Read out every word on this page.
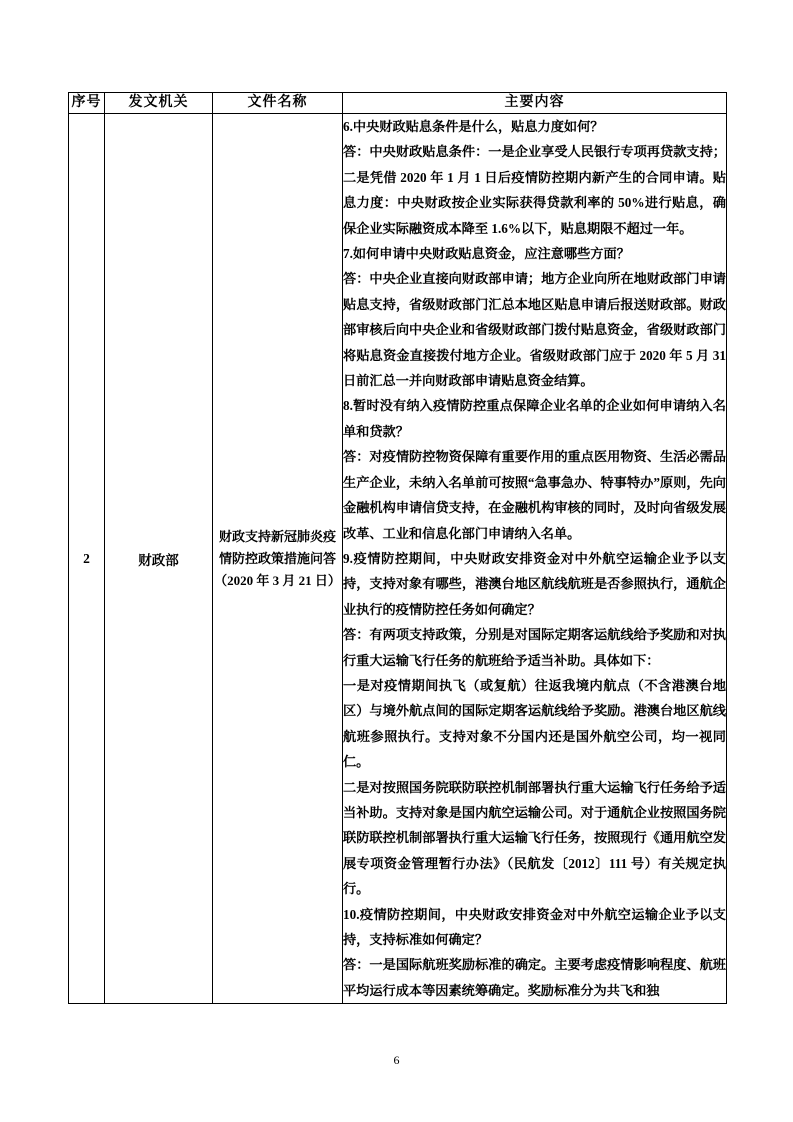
序号	发文机关	文件名称	主要内容
2	财政部	财政支持新冠肺炎疫情防控政策措施问答（2020 年 3 月 21 日）	

6.中央财政贴息条件是什么，贴息力度如何？

答：中央财政贴息条件：一是企业享受人民银行专项再贷款支持；二是凭借 2020 年 1 月 1 日后疫情防控期内新产生的合同申请。贴息力度：中央财政按企业实际获得贷款利率的 50%进行贴息，确保企业实际融资成本降至 1.6%以下，贴息期限不超过一年。

7.如何申请中央财政贴息资金，应注意哪些方面？

答：中央企业直接向财政部申请；地方企业向所在地财政部门申请贴息支持，省级财政部门汇总本地区贴息申请后报送财政部。财政部审核后向中央企业和省级财政部门拨付贴息资金，省级财政部门将贴息资金直接拨付地方企业。省级财政部门应于 2020 年 5 月 31 日前汇总一并向财政部申请贴息资金结算。

8.暂时没有纳入疫情防控重点保障企业名单的企业如何申请纳入名单和贷款？

答：对疫情防控物资保障有重要作用的重点医用物资、生活必需品生产企业，未纳入名单前可按照“急事急办、特事特办”原则，先向金融机构申请信贷支持，在金融机构审核的同时，及时向省级发展改革、工业和信息化部门申请纳入名单。

9.疫情防控期间，中央财政安排资金对中外航空运输企业予以支持，支持对象有哪些，港澳台地区航线航班是否参照执行，通航企业执行的疫情防控任务如何确定？

答：有两项支持政策，分别是对国际定期客运航线给予奖励和对执行重大运输飞行任务的航班给予适当补助。具体如下：

一是对疫情期间执飞（或复航）往返我境内航点（不含港澳台地区）与境外航点间的国际定期客运航线给予奖励。港澳台地区航线航班参照执行。支持对象不分国内还是国外航空公司，均一视同仁。

二是对按照国务院联防联控机制部署执行重大运输飞行任务给予适当补助。支持对象是国内航空运输公司。对于通航企业按照国务院联防联控机制部署执行重大运输飞行任务，按照现行《通用航空发展专项资金管理暂行办法》（民航发〔2012〕111 号）有关规定执行。

10.疫情防控期间，中央财政安排资金对中外航空运输企业予以支持，支持标准如何确定？

答：一是国际航班奖励标准的确定。主要考虑疫情影响程度、航班平均运行成本等因素统筹确定。奖励标准分为共飞和独

6
